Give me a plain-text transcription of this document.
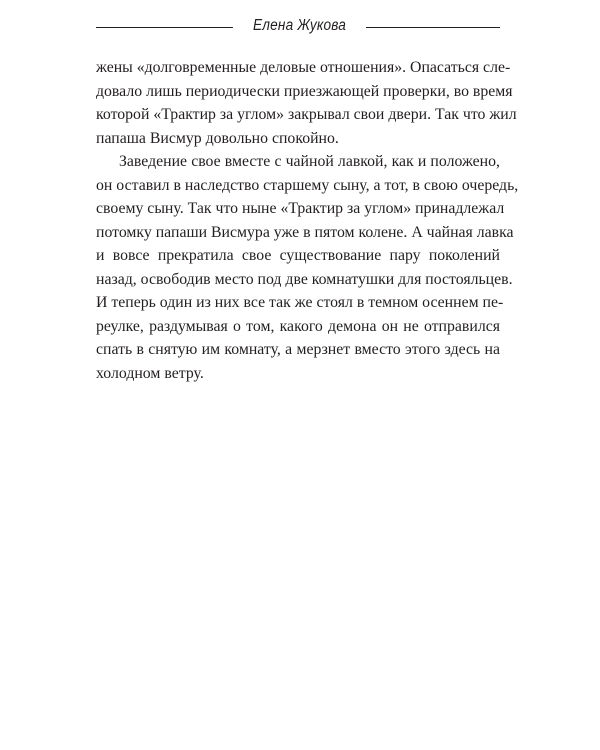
Елена Жукова
жены «долговременные деловые отношения». Опасаться сле-
довало лишь периодически приезжающей проверки, во время
которой «Трактир за углом» закрывал свои двери. Так что жил
папаша Висмур довольно спокойно.
Заведение свое вместе с чайной лавкой, как и положено,
он оставил в наследство старшему сыну, а тот, в свою очередь,
своему сыну. Так что ныне «Трактир за углом» принадлежал
потомку папаши Висмура уже в пятом колене. А чайная лавка
и вовсе прекратила свое существование пару поколений
назад, освободив место под две комнатушки для постояльцев.
И теперь один из них все так же стоял в темном осеннем пе-
реулке, раздумывая о том, какого демона он не отправился
спать в снятую им комнату, а мерзнет вместо этого здесь на
холодном ветру.
